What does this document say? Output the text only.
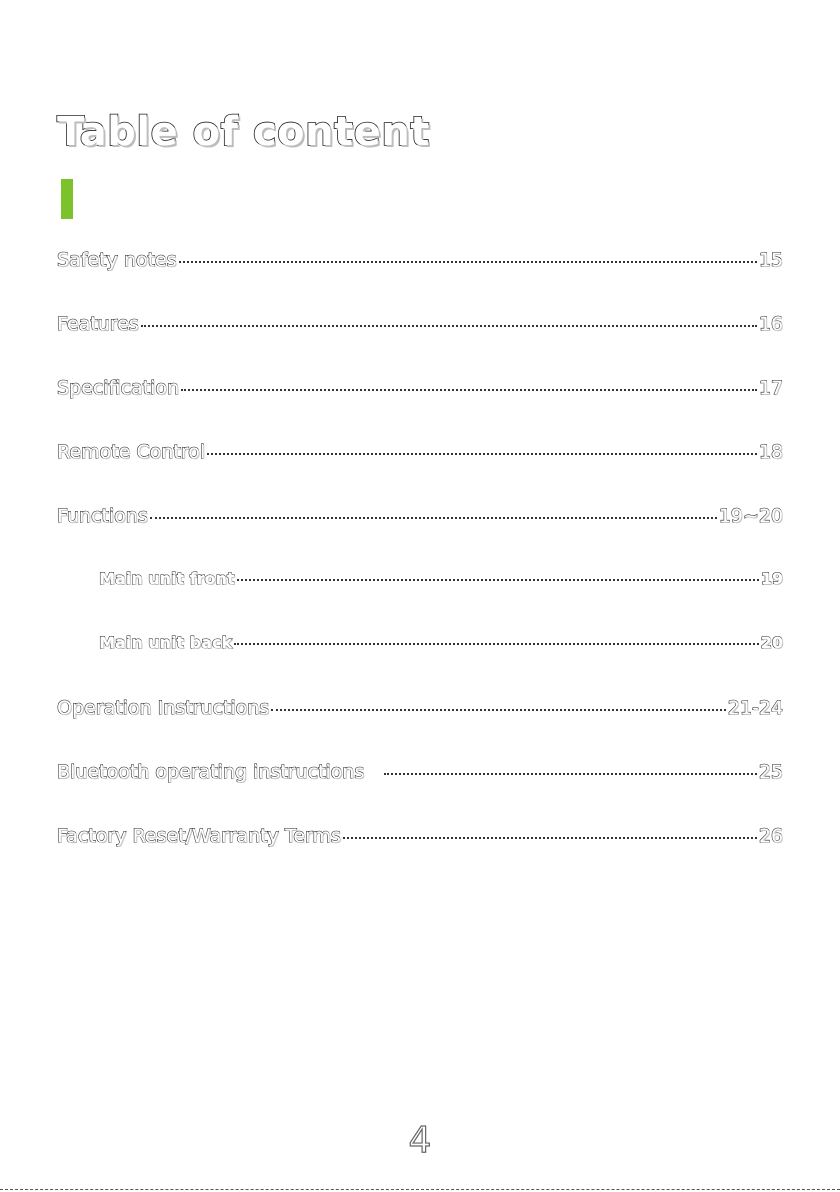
Table of content
Safety notes	15
Features	16
Specification	17
Remote Control	18
Functions	19~20
Main unit front	19
Main unit back	20
Operation Instructions	21-24
Bluetooth operating instructions	25
Factory Reset/Warranty Terms	26
4
